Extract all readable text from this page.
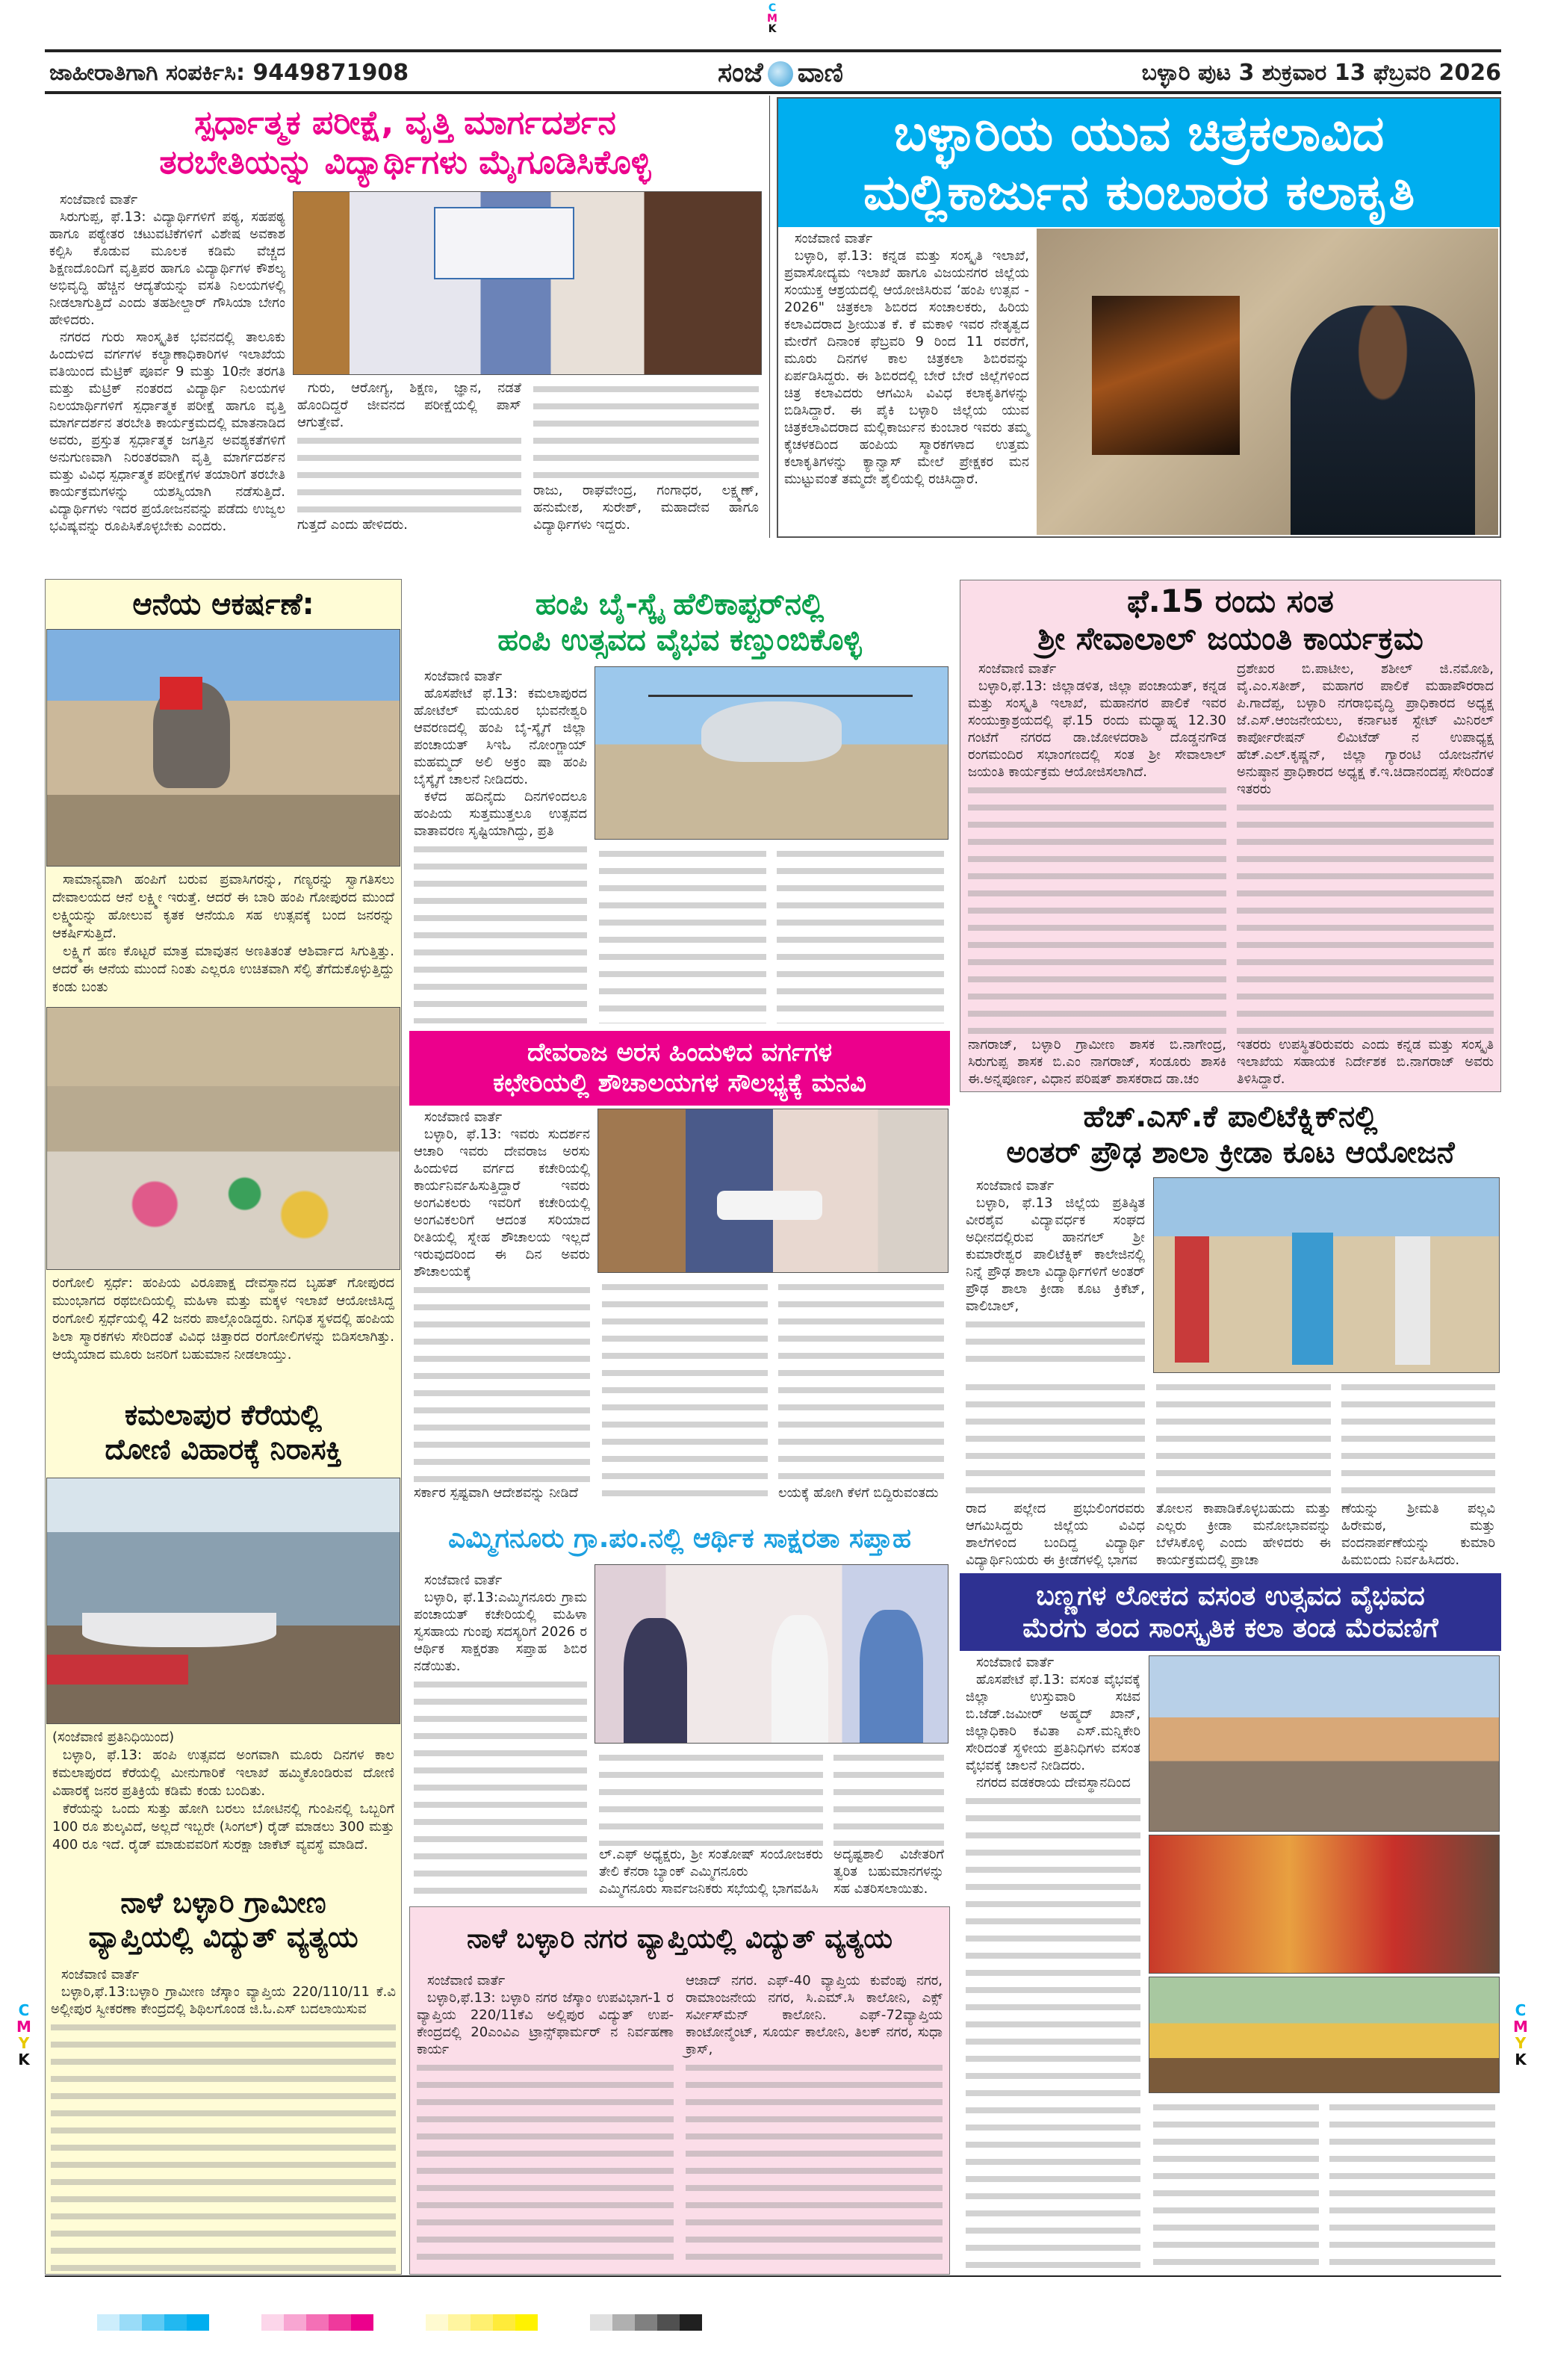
C
M
K
C
M
Y
K
C
M
Y
K
ಜಾಹೀರಾತಿಗಾಗಿ ಸಂಪರ್ಕಿಸಿ: 9449871908	ಸಂಜೆ ವಾಣಿ	ಬಳ್ಳಾರಿ ಪುಟ 3 ಶುಕ್ರವಾರ 13 ಫೆಬ್ರವರಿ 2026
ಸ್ಪರ್ಧಾತ್ಮಕ ಪರೀಕ್ಷೆ, ವೃತ್ತಿ ಮಾರ್ಗದರ್ಶನ
ತರಬೇತಿಯನ್ನು ವಿದ್ಯಾರ್ಥಿಗಳು ಮೈಗೂಡಿಸಿಕೊಳ್ಳಿ
ಸಂಜೆವಾಣಿ ವಾರ್ತೆ

ಸಿರುಗುಪ್ಪ, ಫೆ.13: ವಿದ್ಯಾರ್ಥಿಗಳಿಗೆ ಪಠ್ಯ, ಸಹಪಠ್ಯ ಹಾಗೂ ಪಠ್ಯೇತರ ಚಟುವಟಿಕೆಗಳಿಗೆ ವಿಶೇಷ ಅವಕಾಶ ಕಲ್ಪಿಸಿ ಕೊಡುವ ಮೂಲಕ ಕಡಿಮೆ ವೆಚ್ಚದ ಶಿಕ್ಷಣದೊಂದಿಗೆ ವೃತ್ತಿಪರ ಹಾಗೂ ವಿದ್ಯಾರ್ಥಿಗಳ ಕೌಶಲ್ಯ ಅಭಿವೃದ್ಧಿ ಹೆಚ್ಚಿನ ಆದ್ಯತೆಯನ್ನು ವಸತಿ ನಿಲಯಗಳಲ್ಲಿ ನೀಡಲಾಗುತ್ತಿದೆ ಎಂದು ತಹಶೀಲ್ದಾರ್ ಗೌಸಿಯಾ ಬೇಗಂ ಹೇಳಿದರು.

ನಗರದ ಗುರು ಸಾಂಸ್ಕೃತಿಕ ಭವನದಲ್ಲಿ ತಾಲೂಕು ಹಿಂದುಳಿದ ವರ್ಗಗಳ ಕಲ್ಯಾಣಾಧಿಕಾರಿಗಳ ಇಲಾಖೆಯ ವತಿಯಿಂದ ಮೆಟ್ರಿಕ್ ಪೂರ್ವ 9 ಮತ್ತು 10ನೇ ತರಗತಿ ಮತ್ತು ಮೆಟ್ರಿಕ್ ನಂತರದ ವಿದ್ಯಾರ್ಥಿ ನಿಲಯಗಳ ನಿಲಯಾರ್ಥಿಗಳಿಗೆ ಸ್ಪರ್ಧಾತ್ಮಕ ಪರೀಕ್ಷೆ ಹಾಗೂ ವೃತ್ತಿ ಮಾರ್ಗದರ್ಶನ ತರಬೇತಿ ಕಾರ್ಯಕ್ರಮದಲ್ಲಿ ಮಾತನಾಡಿದ ಅವರು, ಪ್ರಸ್ತುತ ಸ್ಪರ್ಧಾತ್ಮಕ ಜಗತ್ತಿನ ಅವಶ್ಯಕತೆಗಳಿಗೆ ಅನುಗುಣವಾಗಿ ನಿರಂತರವಾಗಿ ವೃತ್ತಿ ಮಾರ್ಗದರ್ಶನ ಮತ್ತು ವಿವಿಧ ಸ್ಪರ್ಧಾತ್ಮಕ ಪರೀಕ್ಷೆಗಳ ತಯಾರಿಗೆ ತರಬೇತಿ ಕಾರ್ಯಕ್ರಮಗಳನ್ನು ಯಶಸ್ವಿಯಾಗಿ ನಡೆಸುತ್ತಿದೆ. ವಿದ್ಯಾರ್ಥಿಗಳು ಇದರ ಪ್ರಯೋಜನವನ್ನು ಪಡೆದು ಉಜ್ವಲ ಭವಿಷ್ಯವನ್ನು ರೂಪಿಸಿಕೊಳ್ಳಬೇಕು ಎಂದರು.

ಗುರು, ಆರೋಗ್ಯ, ಶಿಕ್ಷಣ, ಜ್ಞಾನ, ನಡತೆ ಹೊಂದಿದ್ದರೆ ಜೀವನದ ಪರೀಕ್ಷೆಯಲ್ಲಿ ಪಾಸ್ ಆಗುತ್ತೇವೆ.

ಗುತ್ತದೆ ಎಂದು ಹೇಳಿದರು.
ರಾಜು, ರಾಘವೇಂದ್ರ, ಗಂಗಾಧರ, ಲಕ್ಷ್ಮಣ್, ಹನುಮೇಶ, ಸುರೇಶ್, ಮಹಾದೇವ ಹಾಗೂ ವಿದ್ಯಾರ್ಥಿಗಳು ಇದ್ದರು.
ಬಳ್ಳಾರಿಯ ಯುವ ಚಿತ್ರಕಲಾವಿದ
ಮಲ್ಲಿಕಾರ್ಜುನ ಕುಂಬಾರರ ಕಲಾಕೃತಿ
ಸಂಜೆವಾಣಿ ವಾರ್ತೆ

ಬಳ್ಳಾರಿ, ಫೆ.13: ಕನ್ನಡ ಮತ್ತು ಸಂಸ್ಕೃತಿ ಇಲಾಖೆ, ಪ್ರವಾಸೋದ್ಯಮ ಇಲಾಖೆ ಹಾಗೂ ವಿಜಯನಗರ ಜಿಲ್ಲೆಯ ಸಂಯುಕ್ತ ಆಶ್ರಯದಲ್ಲಿ ಆಯೋಜಿಸಿರುವ ‘ಹಂಪಿ ಉತ್ಸವ - 2026" ಚಿತ್ರಕಲಾ ಶಿಬಿರದ ಸಂಚಾಲಕರು, ಹಿರಿಯ ಕಲಾವಿದರಾದ ಶ್ರೀಯುತ ಕೆ. ಕೆ ಮಕಾಳಿ ಇವರ ನೇತೃತ್ವದ ಮೇರೆಗೆ ದಿನಾಂಕ ಫೆಬ್ರವರಿ 9 ರಿಂದ 11 ರವರೆಗೆ, ಮೂರು ದಿನಗಳ ಕಾಲ ಚಿತ್ರಕಲಾ ಶಿಬಿರವನ್ನು ಏರ್ಪಡಿಸಿದ್ದರು. ಈ ಶಿಬಿರದಲ್ಲಿ ಬೇರೆ ಬೇರೆ ಜಿಲ್ಲೆಗಳಿಂದ ಚಿತ್ರ ಕಲಾವಿದರು ಆಗಮಿಸಿ ವಿವಿಧ ಕಲಾಕೃತಿಗಳನ್ನು ಬಿಡಿಸಿದ್ದಾರೆ. ಈ ಪೈಕಿ ಬಳ್ಳಾರಿ ಜಿಲ್ಲೆಯ ಯುವ ಚಿತ್ರಕಲಾವಿದರಾದ ಮಲ್ಲಿಕಾರ್ಜುನ ಕುಂಬಾರ ಇವರು ತಮ್ಮ ಕೈಚಳಕದಿಂದ ಹಂಪಿಯ ಸ್ಮಾರಕಗಳಾದ ಉತ್ತಮ ಕಲಾಕೃತಿಗಳನ್ನು ಕ್ಯಾನ್ವಾಸ್ ಮೇಲೆ ಪ್ರೇಕ್ಷಕರ ಮನ ಮುಟ್ಟುವಂತೆ ತಮ್ಮದೇ ಶೈಲಿಯಲ್ಲಿ ರಚಿಸಿದ್ದಾರೆ.

ಆನೆಯ ಆಕರ್ಷಣೆ:

ಸಾಮಾನ್ಯವಾಗಿ ಹಂಪಿಗೆ ಬರುವ ಪ್ರವಾಸಿಗರನ್ನು, ಗಣ್ಯರನ್ನು ಸ್ವಾಗತಿಸಲು ದೇವಾಲಯದ ಆನೆ ಲಕ್ಷ್ಮೀ ಇರುತ್ತೆ. ಆದರೆ ಈ ಬಾರಿ ಹಂಪಿ ಗೋಪುರದ ಮುಂದೆ ಲಕ್ಷ್ಮಿಯನ್ನು ಹೋಲುವ ಕೃತಕ ಆನೆಯೂ ಸಹ ಉತ್ಸವಕ್ಕೆ ಬಂದ ಜನರನ್ನು ಆಕರ್ಷಿಸುತ್ತಿದೆ.

ಲಕ್ಷ್ಮಿಗೆ ಹಣ ಕೊಟ್ಟರೆ ಮಾತ್ರ ಮಾವುತನ ಅಣತಿತಂತೆ ಆಶಿರ್ವಾದ ಸಿಗುತ್ತಿತ್ತು. ಆದರೆ ಈ ಆನೆಯ ಮುಂದೆ ನಿಂತು ಎಲ್ಲರೂ ಉಚಿತವಾಗಿ ಸೆಲ್ಫಿ ತೆಗೆದುಕೊಳ್ಳುತ್ತಿದ್ದು ಕಂಡು ಬಂತು

ರಂಗೋಲಿ ಸ್ಪರ್ಧೆ: ಹಂಪಿಯ ವಿರೂಪಾಕ್ಷ ದೇವಸ್ಥಾನದ ಬೃಹತ್ ಗೋಪುರದ ಮುಂಭಾಗದ ರಥಬೀದಿಯಲ್ಲಿ ಮಹಿಳಾ ಮತ್ತು ಮಕ್ಕಳ ಇಲಾಖೆ ಆಯೋಜಿಸಿದ್ದ ರಂಗೋಲಿ ಸ್ಪರ್ಧೆಯಲ್ಲಿ 42 ಜನರು ಪಾಲ್ಗೊಂಡಿದ್ದರು. ನಿಗಧಿತ ಸ್ಥಳದಲ್ಲಿ ಹಂಪಿಯ ಶಿಲಾ ಸ್ಮಾರಕಗಳು ಸೇರಿದಂತೆ ವಿವಿಧ ಚಿತ್ತಾರದ ರಂಗೋಲಿಗಳನ್ನು ಬಿಡಿಸಲಾಗಿತ್ತು. ಆಯ್ಕೆಯಾದ ಮೂರು ಜನರಿಗೆ ಬಹುಮಾನ ನೀಡಲಾಯ್ತು.
ಕಮಲಾಪುರ ಕೆರೆಯಲ್ಲಿ
ದೋಣಿ ವಿಹಾರಕ್ಕೆ ನಿರಾಸಕ್ತಿ
(ಸಂಜೆವಾಣಿ ಪ್ರತಿನಿಧಿಯಿಂದ)

ಬಳ್ಳಾರಿ, ಫೆ.13: ಹಂಪಿ ಉತ್ಸವದ ಅಂಗವಾಗಿ ಮೂರು ದಿನಗಳ ಕಾಲ ಕಮಲಾಪುರದ ಕೆರೆಯಲ್ಲಿ ಮೀನುಗಾರಿಕೆ ಇಲಾಖೆ ಹಮ್ಮಿಕೊಂಡಿರುವ ದೋಣಿ ವಿಹಾರಕ್ಕೆ ಜನರ ಪ್ರತಿಕ್ರಿಯೆ ಕಡಿಮೆ ಕಂಡು ಬಂದಿತು.

ಕೆರೆಯನ್ನು ಒಂದು ಸುತ್ತು ಹೋಗಿ ಬರಲು ಬೋಟಿನಲ್ಲಿ ಗುಂಪಿನಲ್ಲಿ ಒಬ್ಬರಿಗೆ 100 ರೂ ಶುಲ್ಕವಿದೆ, ಅಲ್ಲದೆ ಇಬ್ಬರೇ (ಸಿಂಗಲ್) ರೈಡ್ ಮಾಡಲು 300 ಮತ್ತು 400 ರೂ ಇದೆ. ರೈಡ್ ಮಾಡುವವರಿಗೆ ಸುರಕ್ಷಾ ಜಾಕೆಟ್ ವ್ಯವಸ್ಥೆ ಮಾಡಿದೆ.

ನಾಳೆ ಬಳ್ಳಾರಿ ಗ್ರಾಮೀಣ
ವ್ಯಾಪ್ತಿಯಲ್ಲಿ ವಿದ್ಯುತ್ ವ್ಯತ್ಯಯ
ಸಂಜೆವಾಣಿ ವಾರ್ತೆ

ಬಳ್ಳಾರಿ,ಫೆ.13:ಬಳ್ಳಾರಿ ಗ್ರಾಮೀಣ ಜೆಸ್ಕಾಂ ವ್ಯಾಪ್ತಿಯ 220/110/11 ಕೆ.ವಿ ಅಲ್ಲೀಪುರ ಸ್ವೀಕರಣಾ ಕೇಂದ್ರದಲ್ಲಿ ಶಿಥಿಲಗೊಂಡ ಜಿ.ಓ.ಎಸ್ ಬದಲಾಯಿಸುವ

ಹಂಪಿ ಬೈ-ಸ್ಕೈ ಹೆಲಿಕಾಪ್ಟರ್‌ನಲ್ಲಿ
ಹಂಪಿ ಉತ್ಸವದ ವೈಭವ ಕಣ್ತುಂಬಿಕೊಳ್ಳಿ
ಸಂಜೆವಾಣಿ ವಾರ್ತೆ

ಹೊಸಪೇಟೆ ಫೆ.13: ಕಮಲಾಪುರದ ಹೋಟೆಲ್ ಮಯೂರ ಭುವನೇಶ್ವರಿ ಆವರಣದಲ್ಲಿ ಹಂಪಿ ಬೈ-ಸ್ಕೈಗೆ ಜಿಲ್ಲಾ ಪಂಚಾಯತ್ ಸಿಇಓ ನೋಂಗ್ಜಾಯ್ ಮಹಮ್ಮದ್ ಅಲಿ ಅಕ್ರಂ ಷಾ ಹಂಪಿ ಬೈಸ್ಕೈಗೆ ಚಾಲನೆ ನೀಡಿದರು.

ಕಳೆದ ಹದಿನೈದು ದಿನಗಳಿಂದಲೂ ಹಂಪಿಯ ಸುತ್ತಮುತ್ತಲೂ ಉತ್ಸವದ ವಾತಾವರಣ ಸೃಷ್ಟಿಯಾಗಿದ್ದು, ಪ್ರತಿ

ದೇವರಾಜ ಅರಸ ಹಿಂದುಳಿದ ವರ್ಗಗಳ
ಕಛೇರಿಯಲ್ಲಿ ಶೌಚಾಲಯಗಳ ಸೌಲಭ್ಯಕ್ಕೆ ಮನವಿ
ಸಂಜೆವಾಣಿ ವಾರ್ತೆ

ಬಳ್ಳಾರಿ, ಫೆ.13: ಇವರು ಸುದರ್ಶನ ಆಚಾರಿ ಇವರು ದೇವರಾಜ ಅರಸು ಹಿಂದುಳಿದ ವರ್ಗದ ಕಚೇರಿಯಲ್ಲಿ ಕಾರ್ಯನಿರ್ವಹಿಸುತ್ತಿದ್ದಾರೆ ಇವರು ಅಂಗವಿಕಲರು ಇವರಿಗೆ ಕಚೇರಿಯಲ್ಲಿ ಅಂಗವಿಕಲರಿಗೆ ಆದಂತ ಸರಿಯಾದ ರೀತಿಯಲ್ಲಿ ಸ್ನೇಹ ಶೌಚಾಲಯ ಇಲ್ಲದೆ ಇರುವುದರಿಂದ ಈ ದಿನ ಅವರು ಶೌಚಾಲಯಕ್ಕೆ

ಸರ್ಕಾರ ಸ್ಪಷ್ಟವಾಗಿ ಆದೇಶವನ್ನು ನೀಡಿದೆ	ಲಯಕ್ಕೆ ಹೋಗಿ ಕೆಳಗೆ ಬಿದ್ದಿರುವಂತದು
ಎಮ್ಮಿಗನೂರು ಗ್ರಾ.ಪಂ.ನಲ್ಲಿ ಆರ್ಥಿಕ ಸಾಕ್ಷರತಾ ಸಪ್ತಾಹ
ಸಂಜೆವಾಣಿ ವಾರ್ತೆ

ಬಳ್ಳಾರಿ, ಫೆ.13:ಎಮ್ಮಿಗನೂರು ಗ್ರಾಮ ಪಂಚಾಯತ್ ಕಚೇರಿಯಲ್ಲಿ ಮಹಿಳಾ ಸ್ವಸಹಾಯ ಗುಂಪು ಸದಸ್ಯರಿಗೆ 2026 ರ ಆರ್ಥಿಕ ಸಾಕ್ಷರತಾ ಸಪ್ತಾಹ ಶಿಬಿರ ನಡೆಯಿತು.

ಲ್.ಎಫ್ ಅಧ್ಯಕ್ಷರು, ಶ್ರೀ ಸಂತೋಷ್ ಸಂಯೋಜಕರು ತೇಲಿ ಕೆನರಾ ಬ್ಯಾಂಕ್ ಎಮ್ಮಿಗನೂರು
ಎಮ್ಮಿಗನೂರು ಸಾರ್ವಜನಿಕರು ಸಭೆಯಲ್ಲಿ ಭಾಗವಹಿಸಿ
ಅದೃಷ್ಟಶಾಲಿ ವಿಜೇತರಿಗೆ ತ್ವರಿತ ಬಹುಮಾನಗಳನ್ನು ಸಹ ವಿತರಿಸಲಾಯಿತು.
ನಾಳೆ ಬಳ್ಳಾರಿ ನಗರ ವ್ಯಾಪ್ತಿಯಲ್ಲಿ ವಿದ್ಯುತ್ ವ್ಯತ್ಯಯ
ಸಂಜೆವಾಣಿ ವಾರ್ತೆ

ಬಳ್ಳಾರಿ,ಫೆ.13: ಬಳ್ಳಾರಿ ನಗರ ಜೆಸ್ಕಾಂ ಉಪವಿಭಾಗ-1 ರ ವ್ಯಾಪ್ತಿಯ 220/11ಕೆವಿ ಅಲ್ಲಿಪುರ ವಿದ್ಯುತ್ ಉಪ-ಕೇಂದ್ರದಲ್ಲಿ 20ಎಂವಿಎ ಟ್ರಾನ್ಸ್‌ಫಾರ್ಮರ್ ನ ನಿರ್ವಹಣಾ ಕಾರ್ಯ

ಆಜಾದ್ ನಗರ. ಎಫ್-40 ವ್ಯಾಪ್ತಿಯ ಕುವೆಂಪು ನಗರ, ರಾಮಾಂಜನೇಯ ನಗರ, ಸಿ.ಎಮ್.ಸಿ ಕಾಲೋನಿ, ಎಕ್ಸ್ ಸರ್ವೀಸ್‌ಮೆನ್ ಕಾಲೋನಿ. ಎಫ್-72ವ್ಯಾಪ್ತಿಯ ಕಾಂಟೋನ್ಮೆಂಟ್, ಸೂರ್ಯ ಕಾಲೋನಿ, ತಿಲಕ್ ನಗರ, ಸುಧಾ ಕ್ರಾಸ್,
ಫೆ.15 ರಂದು ಸಂತ
ಶ್ರೀ ಸೇವಾಲಾಲ್ ಜಯಂತಿ ಕಾರ್ಯಕ್ರಮ
ಸಂಜೆವಾಣಿ ವಾರ್ತೆ

ಬಳ್ಳಾರಿ,ಫೆ.13: ಜಿಲ್ಲಾಡಳಿತ, ಜಿಲ್ಲಾ ಪಂಚಾಯತ್, ಕನ್ನಡ ಮತ್ತು ಸಂಸ್ಕೃತಿ ಇಲಾಖೆ, ಮಹಾನಗರ ಪಾಲಿಕೆ ಇವರ ಸಂಯುಕ್ತಾಶ್ರಯದಲ್ಲಿ ಫೆ.15 ರಂದು ಮಧ್ಯಾಹ್ನ 12.30 ಗಂಟೆಗೆ ನಗರದ ಡಾ.ಜೋಳದರಾಶಿ ದೊಡ್ಡನಗೌಡ ರಂಗಮಂದಿರ ಸಭಾಂಗಣದಲ್ಲಿ ಸಂತ ಶ್ರೀ ಸೇವಾಲಾಲ್ ಜಯಂತಿ ಕಾರ್ಯಕ್ರಮ ಆಯೋಜಿಸಲಾಗಿದೆ.

ನಾಗರಾಜ್, ಬಳ್ಳಾರಿ ಗ್ರಾಮೀಣ ಶಾಸಕ ಬಿ.ನಾಗೇಂದ್ರ, ಸಿರುಗುಪ್ಪ ಶಾಸಕ ಬಿ.ಎಂ ನಾಗರಾಜ್, ಸಂಡೂರು ಶಾಸಕಿ ಈ.ಅನ್ನಪೂರ್ಣ, ವಿಧಾನ ಪರಿಷತ್ ಶಾಸಕರಾದ ಡಾ.ಚಂ
ದ್ರಶೇಖರ ಬಿ.ಪಾಟೀಲ, ಶಶೀಲ್ ಜಿ.ನಮೋಶಿ, ವೈ.ಎಂ.ಸತೀಶ್, ಮಹಾಗರ ಪಾಲಿಕೆ ಮಹಾಪೌರರಾದ ಪಿ.ಗಾದೆಪ್ಪ, ಬಳ್ಳಾರಿ ನಗರಾಭಿವೃದ್ಧಿ ಪ್ರಾಧಿಕಾರದ ಅಧ್ಯಕ್ಷ ಜೆ.ಎಸ್.ಆಂಜನೇಯಲು, ಕರ್ನಾಟಕ ಸ್ಟೇಟ್ ಮಿನಿರಲ್ ಕಾರ್ಪೋರೇಷನ್ ಲಿಮಿಟೆಡ್ ನ ಉಪಾಧ್ಯಕ್ಷ ಹೆಚ್.ಎಲ್.ಕೃಷ್ಣನ್, ಜಿಲ್ಲಾ ಗ್ಯಾರಂಟಿ ಯೋಜನೆಗಳ ಅನುಷ್ಠಾನ ಪ್ರಾಧಿಕಾರದ ಅಧ್ಯಕ್ಷ ಕೆ.ಇ.ಚಿದಾನಂದಪ್ಪ ಸೇರಿದಂತೆ ಇತರರು
ಇತರರು ಉಪಸ್ಥಿತರಿರುವರು ಎಂದು ಕನ್ನಡ ಮತ್ತು ಸಂಸ್ಕೃತಿ ಇಲಾಖೆಯ ಸಹಾಯಕ ನಿರ್ದೇಶಕ ಬಿ.ನಾಗರಾಜ್ ಅವರು ತಿಳಿಸಿದ್ದಾರೆ.
ಹೆಚ್.ಎಸ್.ಕೆ ಪಾಲಿಟೆಕ್ನಿಕ್‌ನಲ್ಲಿ
ಅಂತರ್ ಪ್ರೌಢ ಶಾಲಾ ಕ್ರೀಡಾ ಕೂಟ ಆಯೋಜನೆ
ಸಂಜೆವಾಣಿ ವಾರ್ತೆ

ಬಳ್ಳಾರಿ, ಫೆ.13 ಜಿಲ್ಲೆಯ ಪ್ರತಿಷ್ಠಿತ ವೀರಶೈವ ವಿದ್ಯಾವರ್ಧಕ ಸಂಘದ ಅಧೀನದಲ್ಲಿರುವ ಹಾನಗಲ್ ಶ್ರೀ ಕುಮಾರೇಶ್ವರ ಪಾಲಿಟೆಕ್ನಿಕ್ ಕಾಲೇಜಿನಲ್ಲಿ ನಿನ್ನೆ ಪ್ರೌಢ ಶಾಲಾ ವಿದ್ಯಾರ್ಥಿಗಳಿಗೆ ಅಂತರ್ ಪ್ರೌಢ ಶಾಲಾ ಕ್ರೀಡಾ ಕೂಟ ಕ್ರಿಕೆಟ್, ವಾಲಿಬಾಲ್,

ರಾದ ಪಲ್ಲೇದ ಪ್ರಭುಲಿಂಗರವರು ಆಗಮಿಸಿದ್ದರು ಜಿಲ್ಲೆಯ ವಿವಿಧ ಶಾಲೆಗಳಿಂದ ಬಂದಿದ್ದ ವಿದ್ಯಾರ್ಥಿ ವಿದ್ಯಾರ್ಥಿನಿಯರು ಈ ಕ್ರೀಡೆಗಳಲ್ಲಿ ಭಾಗವ
ತೋಲನ ಕಾಪಾಡಿಕೊಳ್ಳಬಹುದು ಮತ್ತು ಎಲ್ಲರು ಕ್ರೀಡಾ ಮನೋಭಾವವನ್ನು ಬೆಳೆಸಿಕೊಳ್ಳಿ ಎಂದು ಹೇಳಿದರು ಈ ಕಾರ್ಯಕ್ರಮದಲ್ಲಿ ಪ್ರಾಚಾ
ಣೆಯನ್ನು ಶ್ರೀಮತಿ ಪಲ್ಲವಿ ಹಿರೇಮಠ, ಮತ್ತು ವಂದನಾರ್ಪಣೆಯನ್ನು ಕುಮಾರಿ ಹಿಮಬಿಂದು ನಿರ್ವಹಿಸಿದರು.
ಬಣ್ಣಗಳ ಲೋಕದ ವಸಂತ ಉತ್ಸವದ ವೈಭವದ
ಮೆರಗು ತಂದ ಸಾಂಸ್ಕೃತಿಕ ಕಲಾ ತಂಡ ಮೆರವಣಿಗೆ
ಸಂಜೆವಾಣಿ ವಾರ್ತೆ

ಹೊಸಪೇಟೆ ಫೆ.13: ವಸಂತ ವೈಭವಕ್ಕೆ ಜಿಲ್ಲಾ ಉಸ್ತುವಾರಿ ಸಚಿವ ಬಿ.ಜೆಡ್.ಜಮೀರ್ ಅಹ್ಮದ್ ಖಾನ್, ಜಿಲ್ಲಾಧಿಕಾರಿ ಕವಿತಾ ಎಸ್.ಮನ್ನಿಕೇರಿ ಸೇರಿದಂತೆ ಸ್ಥಳೀಯ ಪ್ರತಿನಿಧಿಗಳು ವಸಂತ ವೈಭವಕ್ಕೆ ಚಾಲನೆ ನೀಡಿದರು.

ನಗರದ ವಡಕರಾಯ ದೇವಸ್ಥಾನದಿಂದ
